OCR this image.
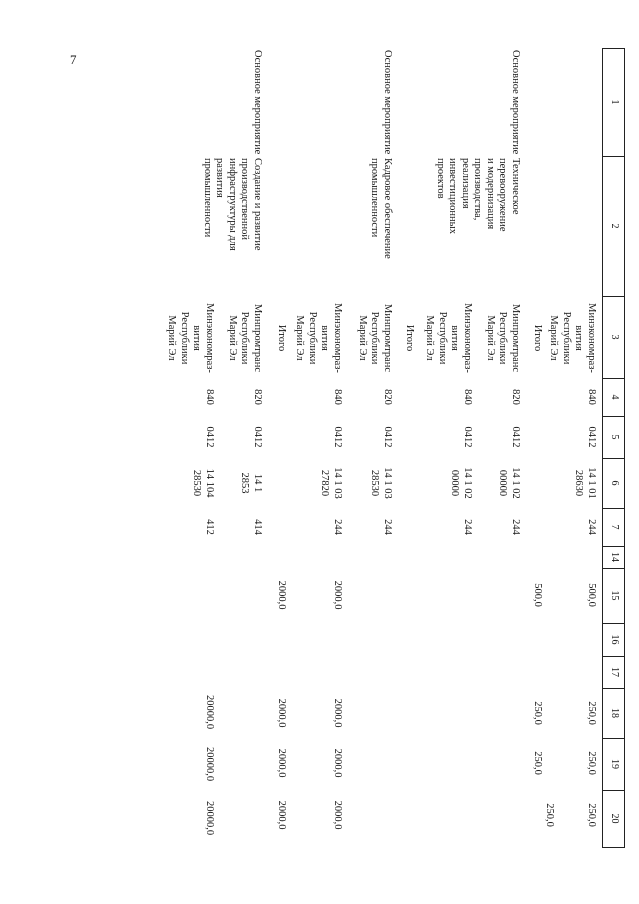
7
1
2
3
4
5
6
7
14
15
16
17
18
19
20
Минэкономраз-
вития
Республики
Марий Эл
840
0412
14 1 01
28630
244
500,0
250,0
250,0
250,0
Итого
500,0
250,0
250,0
250,0
Основное мероприятие
Техническое
перевооружение
и модернизация
производства,
реализация
инвестиционных
проектов
Минпромтранс
Республики
Марий Эл
820
0412
14 1 02
00000
244
Минэкономраз-
вития
Республики
Марий Эл
840
0412
14 1 02
00000
244
Итого
Основное мероприятие
Кадровое обеспечение
промышленности
Минпромтранс
Республики
Марий Эл
820
0412
14 1 03
28530
244
Минэкономраз-
вития
Республики
Марий Эл
840
0412
14 1 03
27820
244
2000,0
2000,0
2000,0
2000,0
Итого
2000,0
2000,0
2000,0
2000,0
Основное мероприятие
Создание и развитие
производственной
инфраструктуры для
развития
промышленности
Минпромтранс
Республики
Марий Эл
820
0412
14 1
2853
414
Минэкономраз-
вития
Республики
Марий Эл
840
0412
14 104
28530
412
20000,0
20000,0
20000,0
